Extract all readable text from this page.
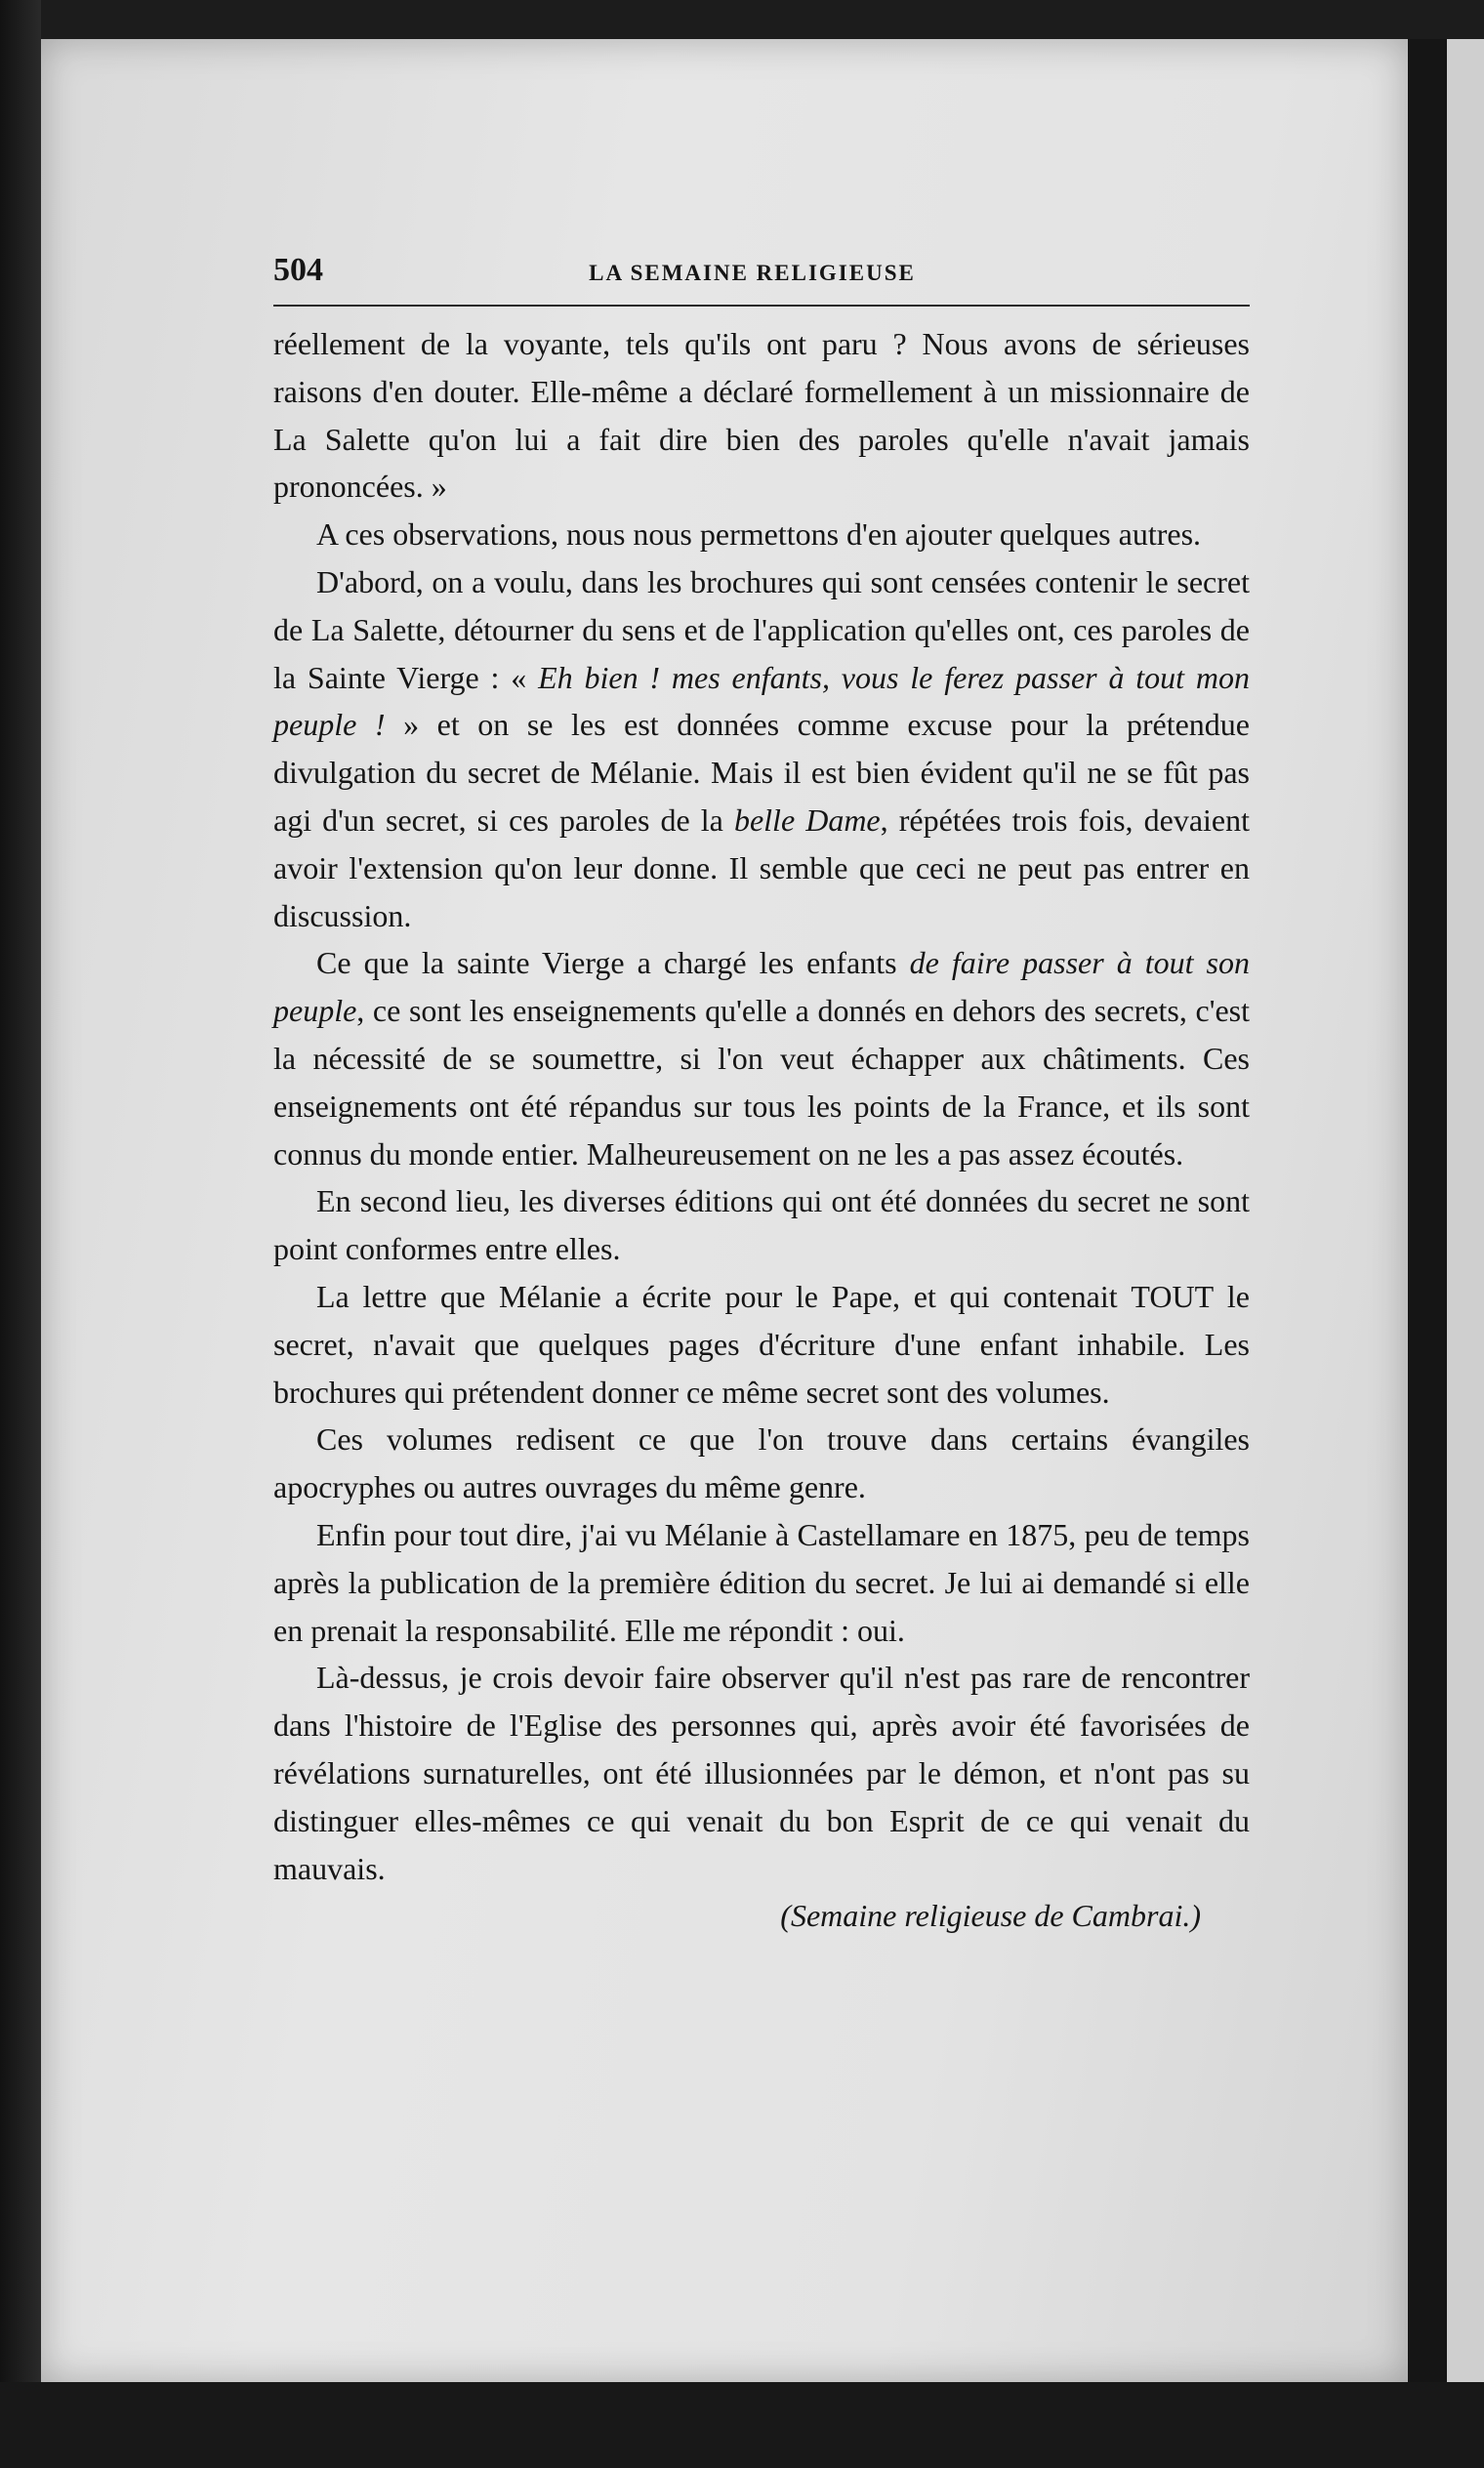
504	LA SEMAINE RELIGIEUSE

réellement de la voyante, tels qu'ils ont paru ? Nous avons de sérieuses raisons d'en douter. Elle-même a déclaré formellement à un missionnaire de La Salette qu'on lui a fait dire bien des paroles qu'elle n'avait jamais prononcées. »

A ces observations, nous nous permettons d'en ajouter quelques autres.

D'abord, on a voulu, dans les brochures qui sont censées contenir le secret de La Salette, détourner du sens et de l'application qu'elles ont, ces paroles de la Sainte Vierge : « Eh bien ! mes enfants, vous le ferez passer à tout mon peuple ! » et on se les est données comme excuse pour la prétendue divulgation du secret de Mélanie. Mais il est bien évident qu'il ne se fût pas agi d'un secret, si ces paroles de la belle Dame, répétées trois fois, devaient avoir l'extension qu'on leur donne. Il semble que ceci ne peut pas entrer en discussion.

Ce que la sainte Vierge a chargé les enfants de faire passer à tout son peuple, ce sont les enseignements qu'elle a donnés en dehors des secrets, c'est la nécessité de se soumettre, si l'on veut échapper aux châtiments. Ces enseignements ont été répandus sur tous les points de la France, et ils sont connus du monde entier. Malheureusement on ne les a pas assez écoutés.

En second lieu, les diverses éditions qui ont été données du secret ne sont point conformes entre elles.

La lettre que Mélanie a écrite pour le Pape, et qui contenait TOUT le secret, n'avait que quelques pages d'écriture d'une enfant inhabile. Les brochures qui prétendent donner ce même secret sont des volumes.

Ces volumes redisent ce que l'on trouve dans certains évangiles apocryphes ou autres ouvrages du même genre.

Enfin pour tout dire, j'ai vu Mélanie à Castellamare en 1875, peu de temps après la publication de la première édition du secret. Je lui ai demandé si elle en prenait la responsabilité. Elle me répondit : oui.

Là-dessus, je crois devoir faire observer qu'il n'est pas rare de rencontrer dans l'histoire de l'Eglise des personnes qui, après avoir été favorisées de révélations surnaturelles, ont été illusionnées par le démon, et n'ont pas su distinguer elles-mêmes ce qui venait du bon Esprit de ce qui venait du mauvais.

(Semaine religieuse de Cambrai.)
